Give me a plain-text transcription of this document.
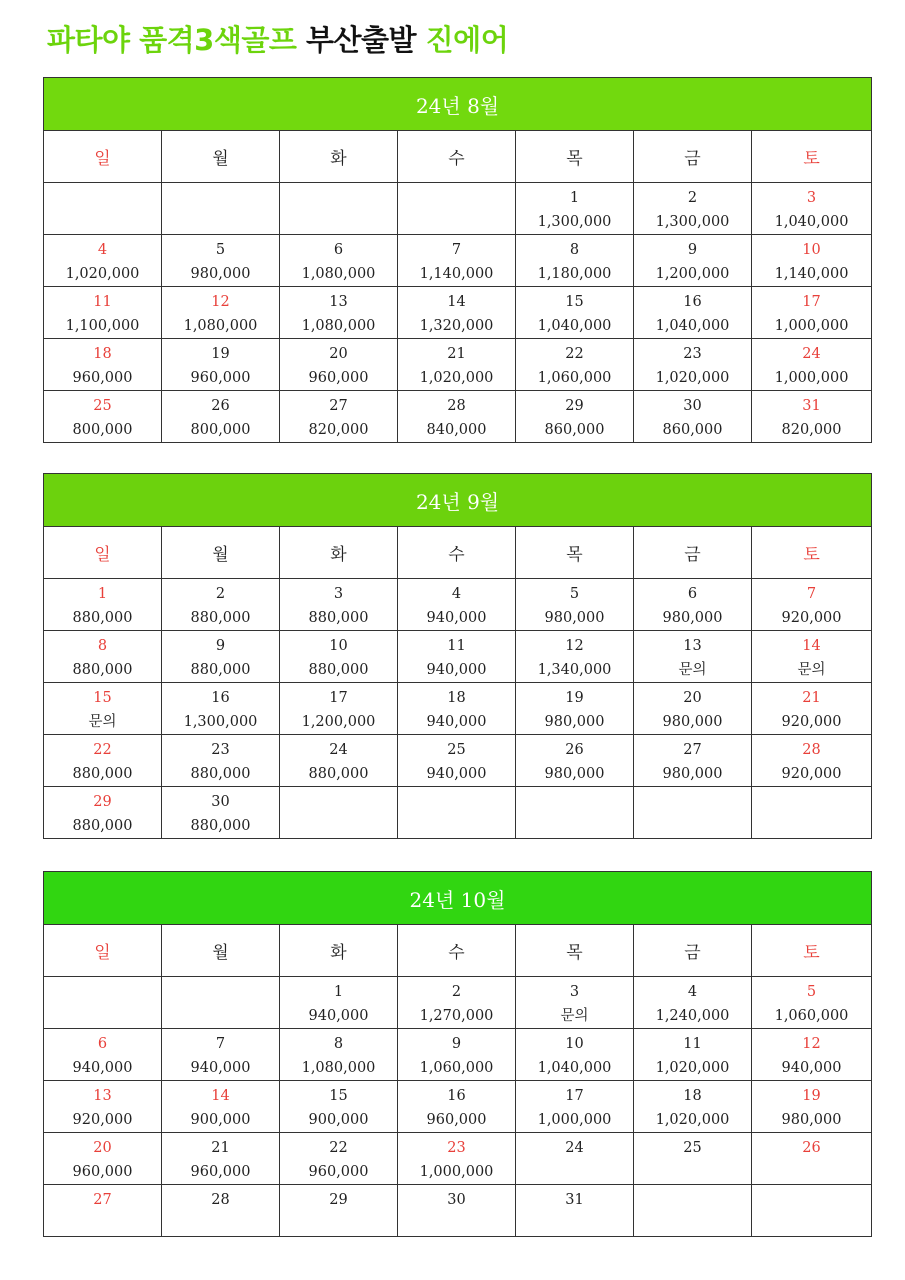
파타야 품격3색골프 부산출발 진에어
24년 8월						
일	월	화	수	목	금	토

				1
1,300,000	2
1,300,000	3
1,040,000

4
1,020,000	5
980,000	6
1,080,000	7
1,140,000	8
1,180,000	9
1,200,000	10
1,140,000

11
1,100,000	12
1,080,000	13
1,080,000	14
1,320,000	15
1,040,000	16
1,040,000	17
1,000,000

18
960,000	19
960,000	20
960,000	21
1,020,000	22
1,060,000	23
1,020,000	24
1,000,000

25
800,000	26
800,000	27
820,000	28
840,000	29
860,000	30
860,000	31
820,000
24년 9월						
일	월	화	수	목	금	토

1
880,000	2
880,000	3
880,000	4
940,000	5
980,000	6
980,000	7
920,000

8
880,000	9
880,000	10
880,000	11
940,000	12
1,340,000	13
문의	14
문의

15
문의	16
1,300,000	17
1,200,000	18
940,000	19
980,000	20
980,000	21
920,000

22
880,000	23
880,000	24
880,000	25
940,000	26
980,000	27
980,000	28
920,000

29
880,000	30
880,000					

24년 10월						
일	월	화	수	목	금	토

		1
940,000	2
1,270,000	3
문의	4
1,240,000	5
1,060,000

6
940,000	7
940,000	8
1,080,000	9
1,060,000	10
1,040,000	11
1,020,000	12
940,000

13
920,000	14
900,000	15
900,000	16
960,000	17
1,000,000	18
1,020,000	19
980,000

20
960,000	21
960,000	22
960,000	23
1,000,000	24	25	26

27	28	29	30	31		
